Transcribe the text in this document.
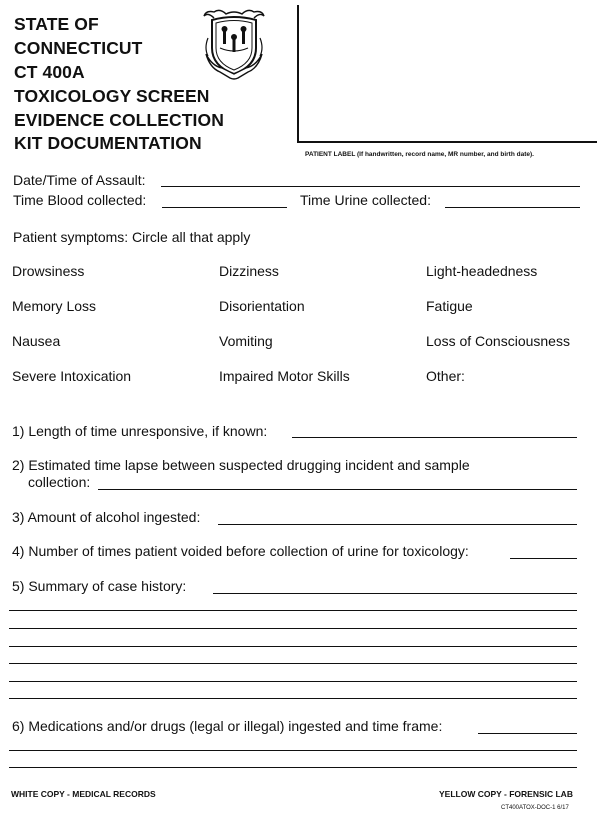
STATE OF
CONNECTICUT
CT 400A
TOXICOLOGY SCREEN
EVIDENCE COLLECTION
KIT DOCUMENTATION
PATIENT LABEL (If handwritten, record name, MR number, and birth date).
Date/Time of Assault:
Time Blood collected:	Time Urine collected:
Patient symptoms: Circle all that apply
Drowsiness	Dizziness	Light-headedness
Memory Loss	Disorientation	Fatigue
Nausea	Vomiting	Loss of Consciousness
Severe Intoxication	Impaired Motor Skills	Other:
1) Length of time unresponsive, if known:
2) Estimated time lapse between suspected drugging incident and sample
collection:
3) Amount of alcohol ingested:
4) Number of times patient voided before collection of urine for toxicology:
5) Summary of case history:
6) Medications and/or drugs (legal or illegal) ingested and time frame:
WHITE COPY - MEDICAL RECORDS	YELLOW COPY - FORENSIC LAB
CT400ATOX-DOC-1 6/17
